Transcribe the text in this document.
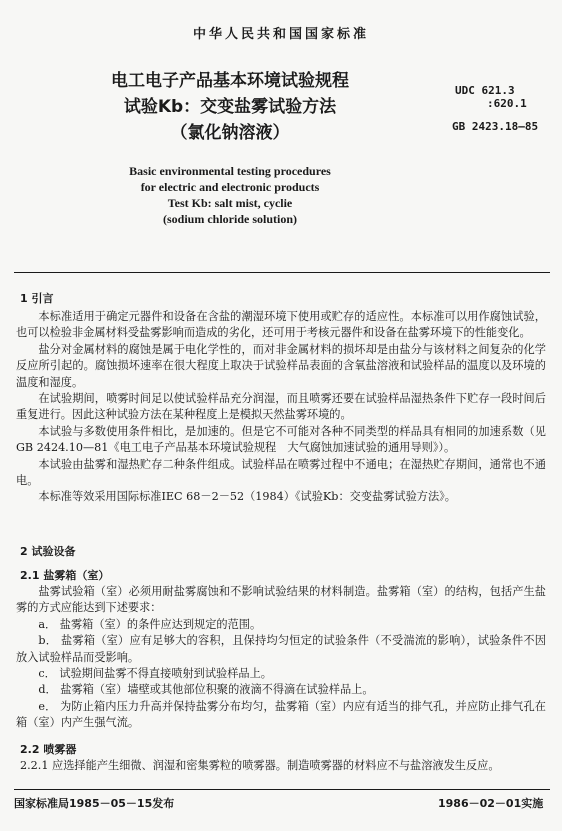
中华人民共和国国家标准
电工电子产品基本环境试验规程
试验Kb：交变盐雾试验方法
（氯化钠溶液）
UDC 621.3
:620.1
GB 2423.18—85
Basic environmental testing procedures
for electric and electronic products
Test Kb: salt mist, cyclie
(sodium chloride solution)
1 引言

本标准适用于确定元器件和设备在含盐的潮湿环境下使用或贮存的适应性。本标准可以用作腐蚀试验，也可以检验非金属材料受盐雾影响而造成的劣化，还可用于考核元器件和设备在盐雾环境下的性能变化。

盐分对金属材料的腐蚀是属于电化学性的，而对非金属材料的损坏却是由盐分与该材料之间复杂的化学反应所引起的。腐蚀损坏速率在很大程度上取决于试验样品表面的含氧盐溶液和试验样品的温度以及环境的温度和湿度。

在试验期间，喷雾时间足以使试验样品充分润湿，而且喷雾还要在试验样品湿热条件下贮存一段时间后重复进行。因此这种试验方法在某种程度上是模拟天然盐雾环境的。

本试验与多数使用条件相比，是加速的。但是它不可能对各种不同类型的样品具有相同的加速系数（见GB 2424.10—81《电工电子产品基本环境试验规程　大气腐蚀加速试验的通用导则》）。

本试验由盐雾和湿热贮存二种条件组成。试验样品在喷雾过程中不通电；在湿热贮存期间，通常也不通电。

本标准等效采用国际标准IEC 68－2－52（1984）《试验Kb：交变盐雾试验方法》。

2 试验设备
2.1 盐雾箱（室）

盐雾试验箱（室）必须用耐盐雾腐蚀和不影响试验结果的材料制造。盐雾箱（室）的结构，包括产生盐雾的方式应能达到下述要求：

a． 盐雾箱（室）的条件应达到规定的范围。

b． 盐雾箱（室）应有足够大的容积，且保持均匀恒定的试验条件（不受湍流的影响），试验条件不因放入试验样品而受影响。

c． 试验期间盐雾不得直接喷射到试验样品上。

d． 盐雾箱（室）墙壁或其他部位积聚的液滴不得滴在试验样品上。

e． 为防止箱内压力升高并保持盐雾分布均匀，盐雾箱（室）内应有适当的排气孔，并应防止排气孔在箱（室）内产生强气流。

2.2 喷雾器
2.2.1 应选择能产生细微、润湿和密集雾粒的喷雾器。制造喷雾器的材料应不与盐溶液发生反应。
国家标准局1985－05－15发布	1986－02－01实施
